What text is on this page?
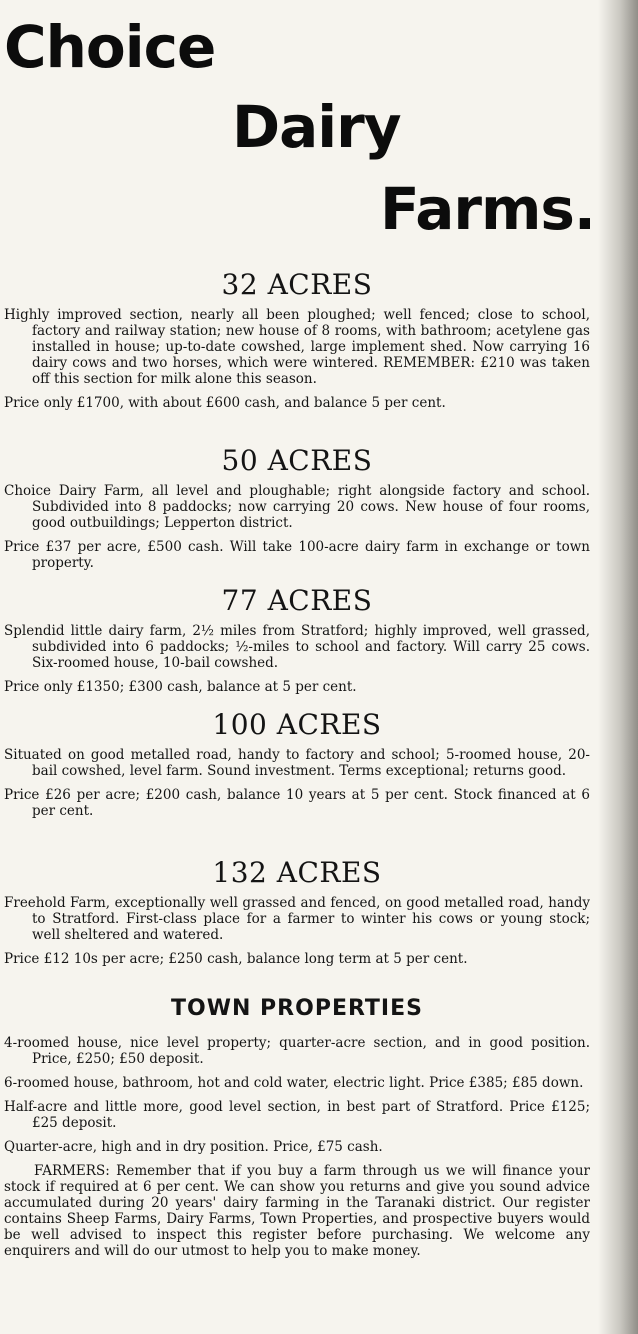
Choice
Dairy
Farms.
32 ACRES

Highly improved section, nearly all been ploughed; well fenced; close to school, factory and railway station; new house of 8 rooms, with bathroom; acetylene gas installed in house; up-to-date cowshed, large implement shed. Now carrying 16 dairy cows and two horses, which were wintered. REMEMBER: £210 was taken off this section for milk alone this season.

Price only £1700, with about £600 cash, and balance 5 per cent.

50 ACRES

Choice Dairy Farm, all level and ploughable; right alongside factory and school. Subdivided into 8 paddocks; now carrying 20 cows. New house of four rooms, good outbuildings; Lepperton district.

Price £37 per acre, £500 cash. Will take 100-acre dairy farm in exchange or town property.

77 ACRES

Splendid little dairy farm, 2½ miles from Stratford; highly improved, well grassed, subdivided into 6 paddocks; ½-miles to school and factory. Will carry 25 cows. Six-roomed house, 10-bail cowshed.

Price only £1350; £300 cash, balance at 5 per cent.

100 ACRES

Situated on good metalled road, handy to factory and school; 5-roomed house, 20-bail cowshed, level farm. Sound investment. Terms exceptional; returns good.

Price £26 per acre; £200 cash, balance 10 years at 5 per cent. Stock financed at 6 per cent.

132 ACRES

Freehold Farm, exceptionally well grassed and fenced, on good metalled road, handy to Stratford. First-class place for a farmer to winter his cows or young stock; well sheltered and watered.

Price £12 10s per acre; £250 cash, balance long term at 5 per cent.

TOWN PROPERTIES

4-roomed house, nice level property; quarter-acre section, and in good position. Price, £250; £50 deposit.

6-roomed house, bathroom, hot and cold water, electric light. Price £385; £85 down.

Half-acre and little more, good level section, in best part of Stratford. Price £125; £25 deposit.

Quarter-acre, high and in dry position. Price, £75 cash.

FARMERS: Remember that if you buy a farm through us we will finance your stock if required at 6 per cent. We can show you returns and give you sound advice accumulated during 20 years' dairy farming in the Taranaki district. Our register contains Sheep Farms, Dairy Farms, Town Properties, and prospective buyers would be well advised to inspect this register before purchasing. We welcome any enquirers and will do our utmost to help you to make money.
